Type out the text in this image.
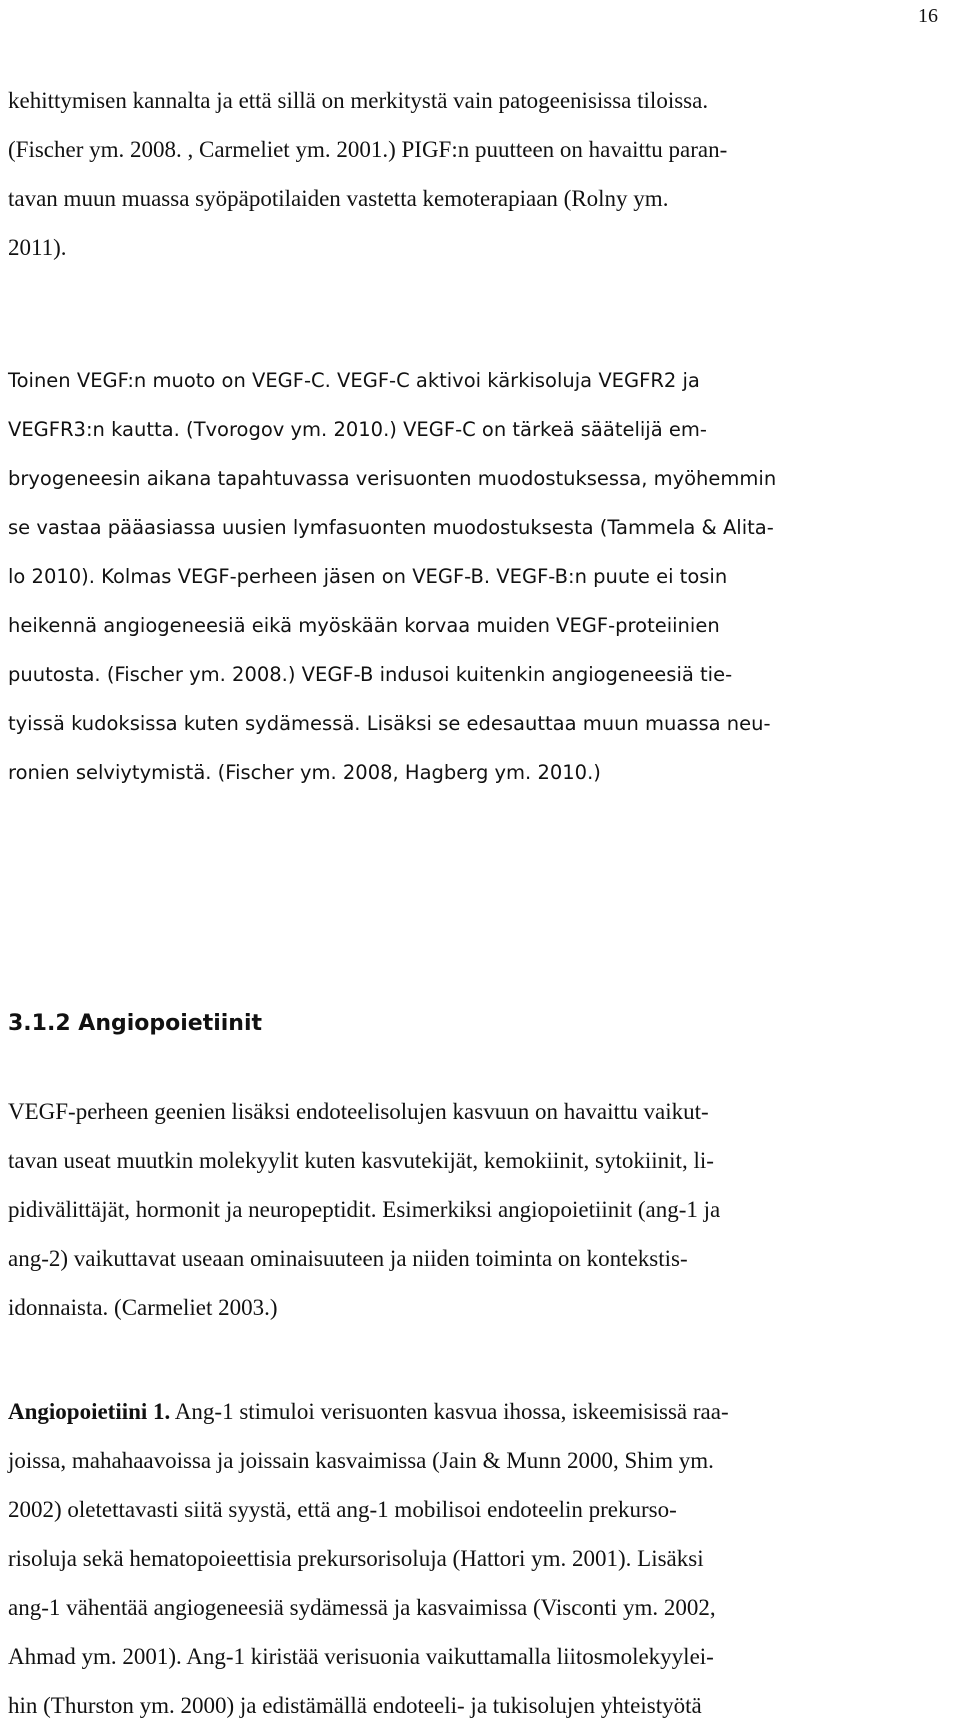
16
kehittymisen kannalta ja että sillä on merkitystä vain patogeenisissa tiloissa.
(Fischer ym. 2008. , Carmeliet ym. 2001.) PIGF:n puutteen on havaittu paran-
tavan muun muassa syöpäpotilaiden vastetta kemoterapiaan (Rolny ym.
2011).
Toinen VEGF:n muoto on VEGF-C. VEGF-C aktivoi kärkisoluja VEGFR2 ja
VEGFR3:n kautta. (Tvorogov ym. 2010.) VEGF-C on tärkeä säätelijä em-
bryogeneesin aikana tapahtuvassa verisuonten muodostuksessa, myöhemmin
se vastaa pääasiassa uusien lymfasuonten muodostuksesta (Tammela & Alita-
lo 2010). Kolmas VEGF-perheen jäsen on VEGF-B. VEGF-B:n puute ei tosin
heikennä angiogeneesiä eikä myöskään korvaa muiden VEGF-proteiinien
puutosta. (Fischer ym. 2008.) VEGF-B indusoi kuitenkin angiogeneesiä tie-
tyissä kudoksissa kuten sydämessä. Lisäksi se edesauttaa muun muassa neu-
ronien selviytymistä. (Fischer ym. 2008, Hagberg ym. 2010.)
3.1.2 Angiopoietiinit
VEGF-perheen geenien lisäksi endoteelisolujen kasvuun on havaittu vaikut-
tavan useat muutkin molekyylit kuten kasvutekijät, kemokiinit, sytokiinit, li-
pidivälittäjät, hormonit ja neuropeptidit. Esimerkiksi angiopoietiinit (ang-1 ja
ang-2) vaikuttavat useaan ominaisuuteen ja niiden toiminta on kontekstis-
idonnaista. (Carmeliet 2003.)
Angiopoietiini 1. Ang-1 stimuloi verisuonten kasvua ihossa, iskeemisissä raa-
joissa, mahahaavoissa ja joissain kasvaimissa (Jain & Munn 2000, Shim ym.
2002) oletettavasti siitä syystä, että ang-1 mobilisoi endoteelin prekurso-
risoluja sekä hematopoieettisia prekursorisoluja (Hattori ym. 2001). Lisäksi
ang-1 vähentää angiogeneesiä sydämessä ja kasvaimissa (Visconti ym. 2002,
Ahmad ym. 2001). Ang-1 kiristää verisuonia vaikuttamalla liitosmolekyylei-
hin (Thurston ym. 2000) ja edistämällä endoteeli- ja tukisolujen yhteistyötä
